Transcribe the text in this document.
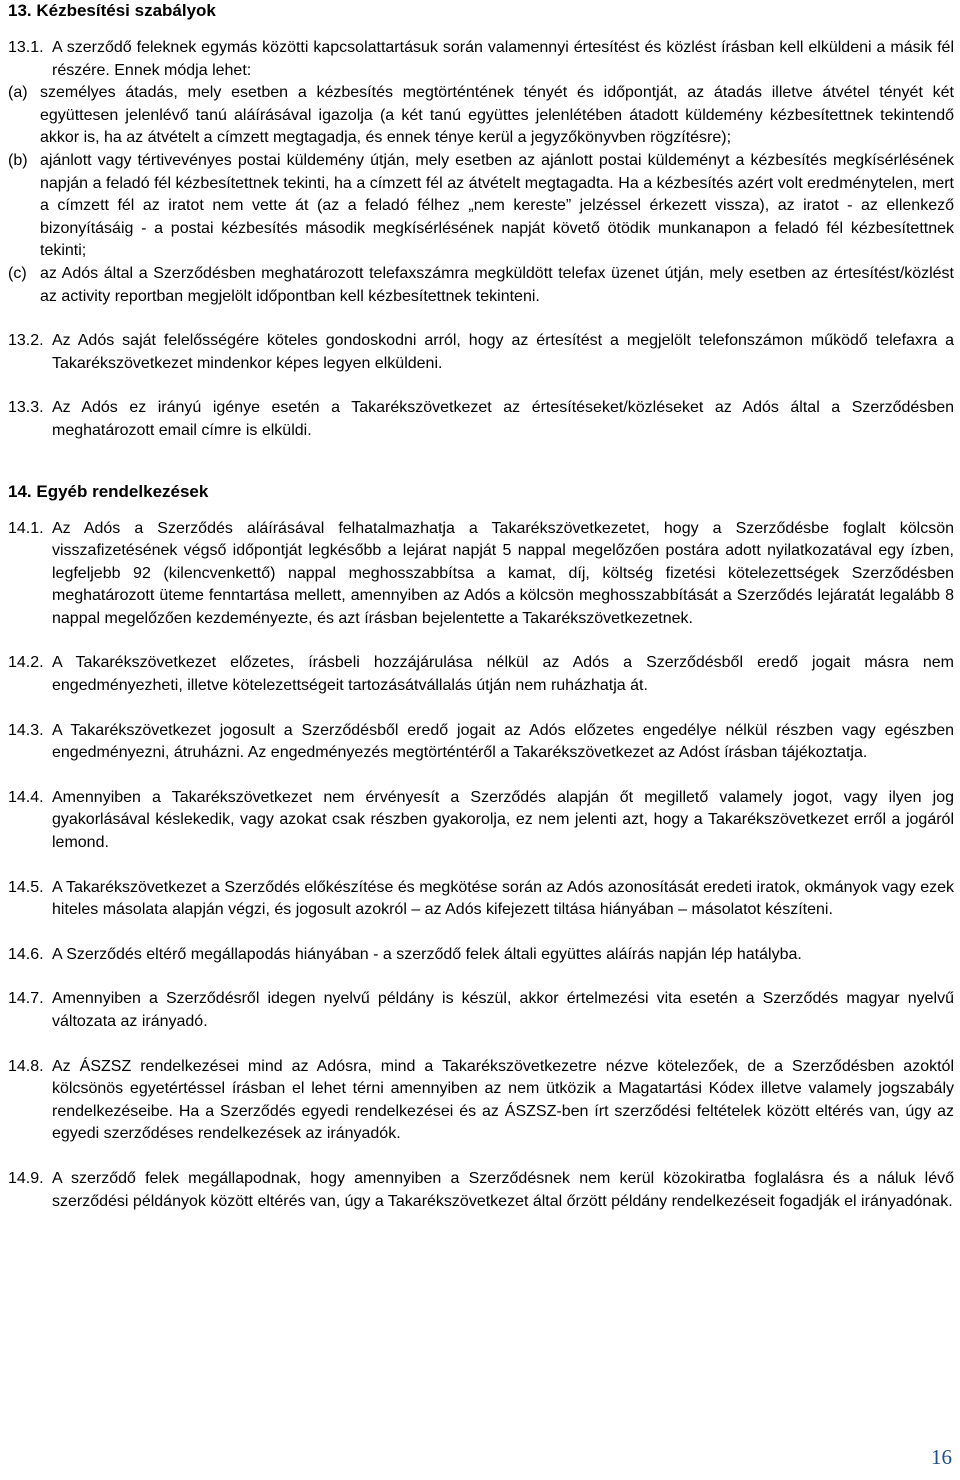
13. Kézbesítési szabályok
13.1. A szerződő feleknek egymás közötti kapcsolattartásuk során valamennyi értesítést és közlést írásban kell elküldeni a másik fél részére. Ennek módja lehet:
(a) személyes átadás, mely esetben a kézbesítés megtörténtének tényét és időpontját, az átadás illetve átvétel tényét két együttesen jelenlévő tanú aláírásával igazolja (a két tanú együttes jelenlétében átadott küldemény kézbesítettnek tekintendő akkor is, ha az átvételt a címzett megtagadja, és ennek ténye kerül a jegyzőkönyvben rögzítésre);
(b) ajánlott vagy tértivevényes postai küldemény útján, mely esetben az ajánlott postai küldeményt a kézbesítés megkísérlésének napján a feladó fél kézbesítettnek tekinti, ha a címzett fél az átvételt megtagadta. Ha a kézbesítés azért volt eredménytelen, mert a címzett fél az iratot nem vette át (az a feladó félhez „nem kereste” jelzéssel érkezett vissza), az iratot - az ellenkező bizonyításáig - a postai kézbesítés második megkísérlésének napját követő ötödik munkanapon a feladó fél kézbesítettnek tekinti;
(c) az Adós által a Szerződésben meghatározott telefaxszámra megküldött telefax üzenet útján, mely esetben az értesítést/közlést az activity reportban megjelölt időpontban kell kézbesítettnek tekinteni.
13.2. Az Adós saját felelősségére köteles gondoskodni arról, hogy az értesítést a megjelölt telefonszámon működő telefaxra a Takarékszövetkezet mindenkor képes legyen elküldeni.
13.3. Az Adós ez irányú igénye esetén a Takarékszövetkezet az értesítéseket/közléseket az Adós által a Szerződésben meghatározott email címre is elküldi.
14. Egyéb rendelkezések
14.1. Az Adós a Szerződés aláírásával felhatalmazhatja a Takarékszövetkezetet, hogy a Szerződésbe foglalt kölcsön visszafizetésének végső időpontját legkésőbb a lejárat napját 5 nappal megelőzően postára adott nyilatkozatával egy ízben, legfeljebb 92 (kilencvenkettő) nappal meghosszabbítsa a kamat, díj, költség fizetési kötelezettségek Szerződésben meghatározott üteme fenntartása mellett, amennyiben az Adós a kölcsön meghosszabbítását a Szerződés lejáratát legalább 8 nappal megelőzően kezdeményezte, és azt írásban bejelentette a Takarékszövetkezetnek.
14.2. A Takarékszövetkezet előzetes, írásbeli hozzájárulása nélkül az Adós a Szerződésből eredő jogait másra nem engedményezheti, illetve kötelezettségeit tartozásátvállalás útján nem ruházhatja át.
14.3. A Takarékszövetkezet jogosult a Szerződésből eredő jogait az Adós előzetes engedélye nélkül részben vagy egészben engedményezni, átruházni. Az engedményezés megtörténtéről a Takarékszövetkezet az Adóst írásban tájékoztatja.
14.4. Amennyiben a Takarékszövetkezet nem érvényesít a Szerződés alapján őt megillető valamely jogot, vagy ilyen jog gyakorlásával késlekedik, vagy azokat csak részben gyakorolja, ez nem jelenti azt, hogy a Takarékszövetkezet erről a jogáról lemond.
14.5. A Takarékszövetkezet a Szerződés előkészítése és megkötése során az Adós azonosítását eredeti iratok, okmányok vagy ezek hiteles másolata alapján végzi, és jogosult azokról – az Adós kifejezett tiltása hiányában – másolatot készíteni.
14.6. A Szerződés eltérő megállapodás hiányában - a szerződő felek általi együttes aláírás napján lép hatályba.
14.7. Amennyiben a Szerződésről idegen nyelvű példány is készül, akkor értelmezési vita esetén a Szerződés magyar nyelvű változata az irányadó.
14.8. Az ÁSZSZ rendelkezései mind az Adósra, mind a Takarékszövetkezetre nézve kötelezőek, de a Szerződésben azoktól kölcsönös egyetértéssel írásban el lehet térni amennyiben az nem ütközik a Magatartási Kódex illetve valamely jogszabály rendelkezéseibe. Ha a Szerződés egyedi rendelkezései és az ÁSZSZ-ben írt szerződési feltételek között eltérés van, úgy az egyedi szerződéses rendelkezések az irányadók.
14.9. A szerződő felek megállapodnak, hogy amennyiben a Szerződésnek nem kerül közokiratba foglalásra és a náluk lévő szerződési példányok között eltérés van, úgy a Takarékszövetkezet által őrzött példány rendelkezéseit fogadják el irányadónak.
16
